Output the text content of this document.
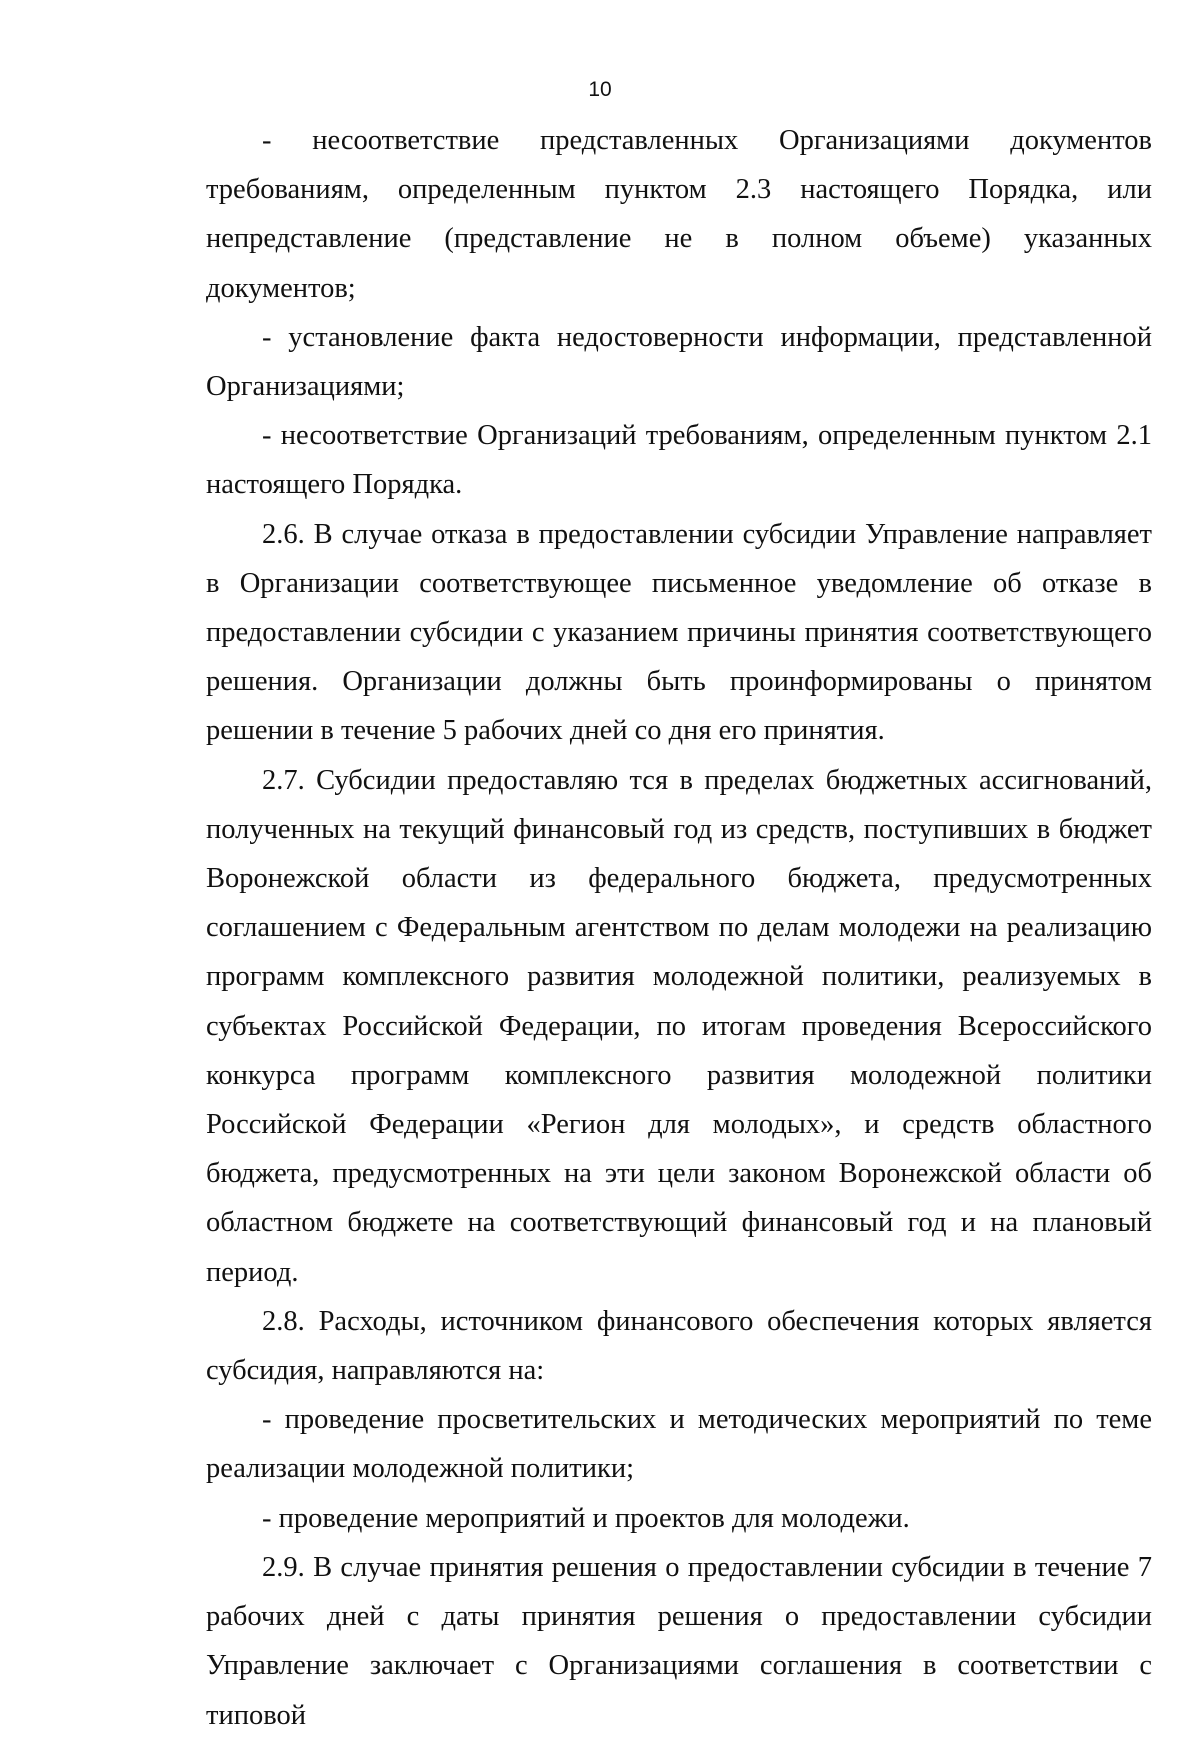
10

- несоответствие представленных Организациями документов требованиям, определенным пунктом 2.3 настоящего Порядка, или непредставление (представление не в полном объеме) указанных документов;

- установление факта недостоверности информации, представленной Организациями;

- несоответствие Организаций требованиям, определенным пунктом 2.1 настоящего Порядка.

2.6. В случае отказа в предоставлении субсидии Управление направляет в Организации соответствующее письменное уведомление об отказе в предоставлении субсидии с указанием причины принятия соответствующего решения. Организации должны быть проинформированы о принятом решении в течение 5 рабочих дней со дня его принятия.

2.7. Субсидии предоставляю тся в пределах бюджетных ассигнований, полученных на текущий финансовый год из средств, поступивших в бюджет Воронежской области из федерального бюджета, предусмотренных соглашением с Федеральным агентством по делам молодежи на реализацию программ комплексного развития молодежной политики, реализуемых в субъектах Российской Федерации, по итогам проведения Всероссийского конкурса программ комплексного развития молодежной политики Российской Федерации «Регион для молодых», и средств областного бюджета, предусмотренных на эти цели законом Воронежской области об областном бюджете на соответствующий финансовый год и на плановый период.

2.8. Расходы, источником финансового обеспечения которых является субсидия, направляются на:

- проведение просветительских и методических мероприятий по теме реализации молодежной политики;

- проведение мероприятий и проектов для молодежи.

2.9. В случае принятия решения о предоставлении субсидии в течение 7 рабочих дней с даты принятия решения о предоставлении субсидии Управление заключает с Организациями соглашения в соответствии с типовой
